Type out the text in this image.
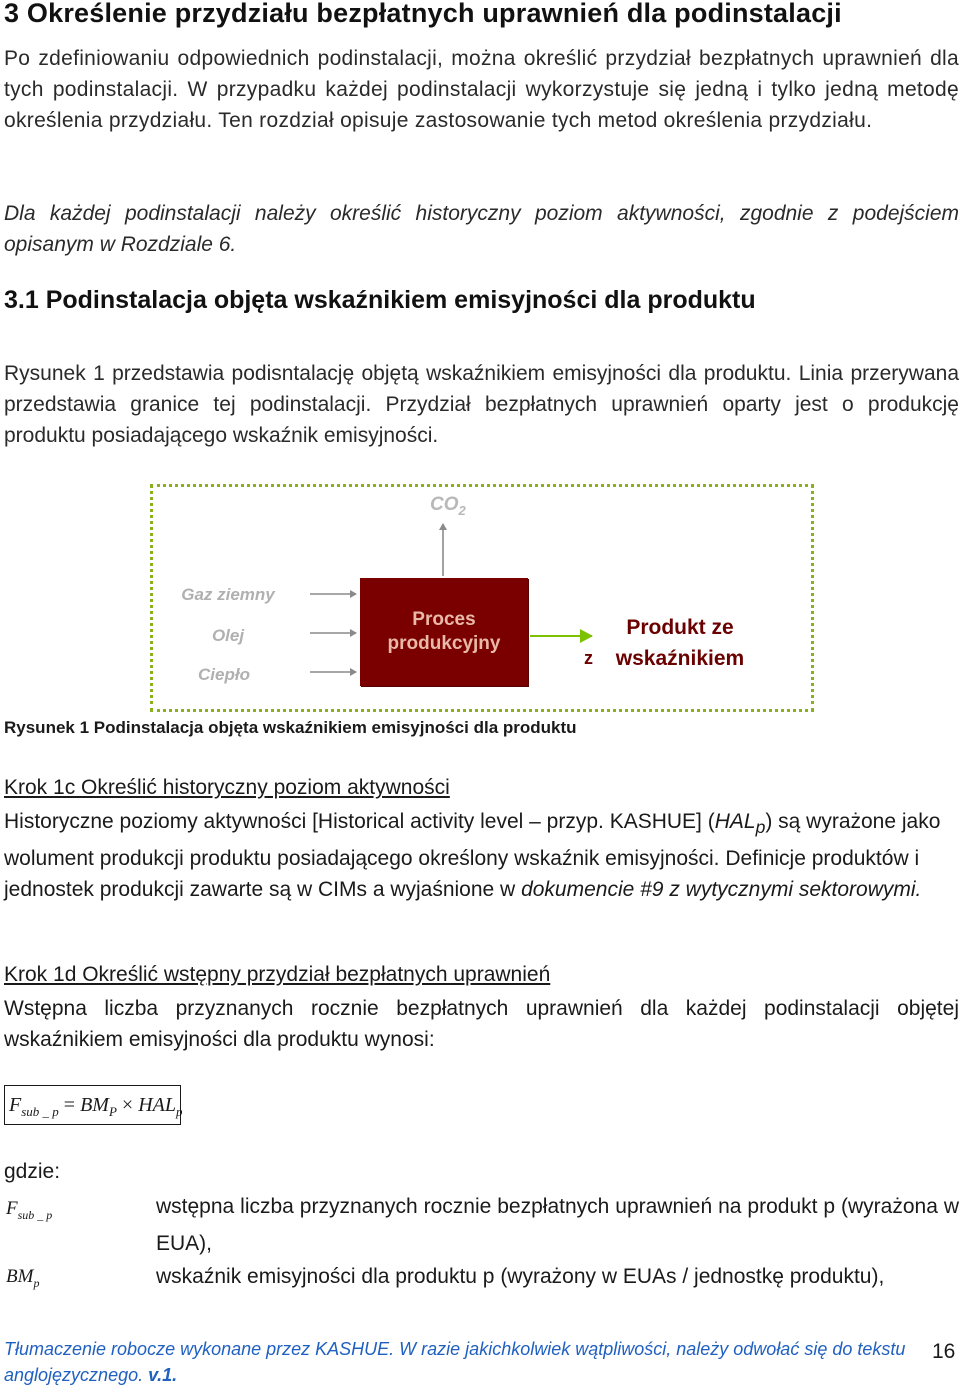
3 Określenie przydziału bezpłatnych uprawnień dla podinstalacji
Po zdefiniowaniu odpowiednich podinstalacji, można określić przydział bezpłatnych uprawnień dla tych podinstalacji. W przypadku każdej podinstalacji wykorzystuje się jedną i tylko jedną metodę określenia przydziału. Ten rozdział opisuje zastosowanie tych metod określenia przydziału.
Dla każdej podinstalacji należy określić historyczny poziom aktywności, zgodnie z podejściem opisanym w Rozdziale 6.
3.1 Podinstalacja objęta wskaźnikiem emisyjności dla produktu
Rysunek 1 przedstawia podisntalację objętą wskaźnikiem emisyjności dla produktu. Linia przerywana przedstawia granice tej podinstalacji. Przydział bezpłatnych uprawnień oparty jest o produkcję produktu posiadającego wskaźnik emisyjności.
$CO_2$
Gaz ziemny
Olej
Ciepło
Proces
produkcyjny
Produkt ze
wskaźnikiem
z
Rysunek 1 Podinstalacja objęta wskaźnikiem emisyjności dla produktu
Krok 1c Określić historyczny poziom aktywności
Historyczne poziomy aktywności [Historical activity level – przyp. KASHUE] $(HAL_p)$ są wyrażone jako wolument produkcji produktu posiadającego określony wskaźnik emisyjności. Definicje produktów i jednostek produkcji zawarte są w CIMs a wyjaśnione w dokumencie #9 z wytycznymi sektorowymi.
Krok 1d Określić wstępny przydział bezpłatnych uprawnień
Wstępna liczba przyznanych rocznie bezpłatnych uprawnień dla każdej podinstalacji objętej wskaźnikiem emisyjności dla produktu wynosi:
$F_{sub \_ p} = BM_P \times HAL_p$
gdzie:
$F_{sub \_ p}$	wstępna liczba przyznanych rocznie bezpłatnych uprawnień na produkt p (wyrażona w EUA),
$BM_p$	wskaźnik emisyjności dla produktu p (wyrażony w EUAs / jednostkę produktu),
Tłumaczenie robocze wykonane przez KASHUE. W razie jakichkolwiek wątpliwości, należy odwołać się do tekstu anglojęzycznego. v.1.
16
